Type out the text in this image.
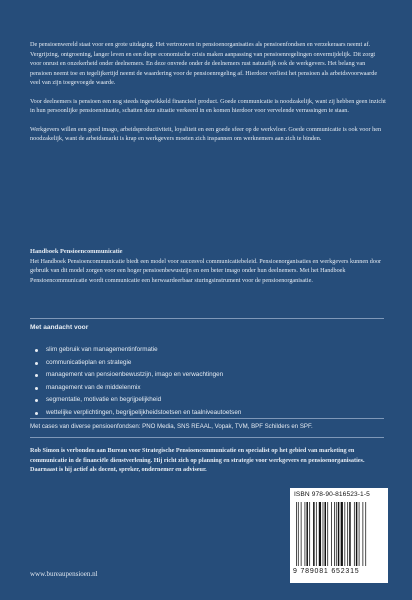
De pensioenwereld staat voor een grote uitdaging. Het vertrouwen in pensioenorganisaties als pensioenfondsen en verzekeraars neemt af. Vergrijzing, ontgroening, langer leven en een diepe economische crisis maken aanpassing van pensioenregelingen onvermijdelijk. Dit zorgt voor onrust en onzekerheid onder deelnemers. En deze onvrede onder de deelnemers rust natuurlijk ook de werkgevers. Het belang van pensioen neemt toe en tegelijkertijd neemt de waardering voor de pensioenregeling af. Hierdoor verliest het pensioen als arbeidsvoorwaarde veel van zijn toegevoegde waarde.

Voor deelnemers is pensioen een nog steeds ingewikkeld financieel product. Goede communicatie is noodzakelijk, want zij hebben geen inzicht in hun persoonlijke pensioensituatie, schatten deze situatie verkeerd in en komen hierdoor voor vervelende verrassingen te staan.

Werkgevers willen een goed imago, arbeidsproductiviteit, loyaliteit en een goede sfeer op de werkvloer. Goede communicatie is ook voor hen noodzakelijk, want de arbeidsmarkt is krap en werkgevers moeten zich inspannen om werknemers aan zich te binden.

Handboek Pensioencommunicatie

Het Handboek Pensioencommunicatie biedt een model voor succesvol communicatiebeleid. Pensioenorganisaties en werkgevers kunnen door gebruik van dit model zorgen voor een hoger pensioenbewustzijn en een beter imago onder hun deelnemers. Met het Handboek Pensioencommunicatie wordt communicatie een herwaardeerbaar sturingsinstrument voor de pensioenorganisatie.

Met aandacht voor

slim gebruik van managementinformatie
communicatieplan en strategie
management van pensioenbewustzijn, imago en verwachtingen
management van de middelenmix
segmentatie, motivatie en begrijpelijkheid
wettelijke verplichtingen, begrijpelijkheidstoetsen en taalniveautoetsen

Met cases van diverse pensioenfondsen: PNO Media, SNS REAAL, Vopak, TVM, BPF Schilders en SPF.

Rob Simon is verbonden aan Bureau voor Strategische Pensioencommunicatie en specialist op het gebied van marketing en communicatie in de financiële dienstverlening. Hij richt zich op planning en strategie voor werkgevers en pensioenorganisaties. Daarnaast is hij actief als docent, spreker, ondernemer en adviseur.

www.bureaupensioen.nl
ISBN 978-90-816523-1-5
9 789081 652315
